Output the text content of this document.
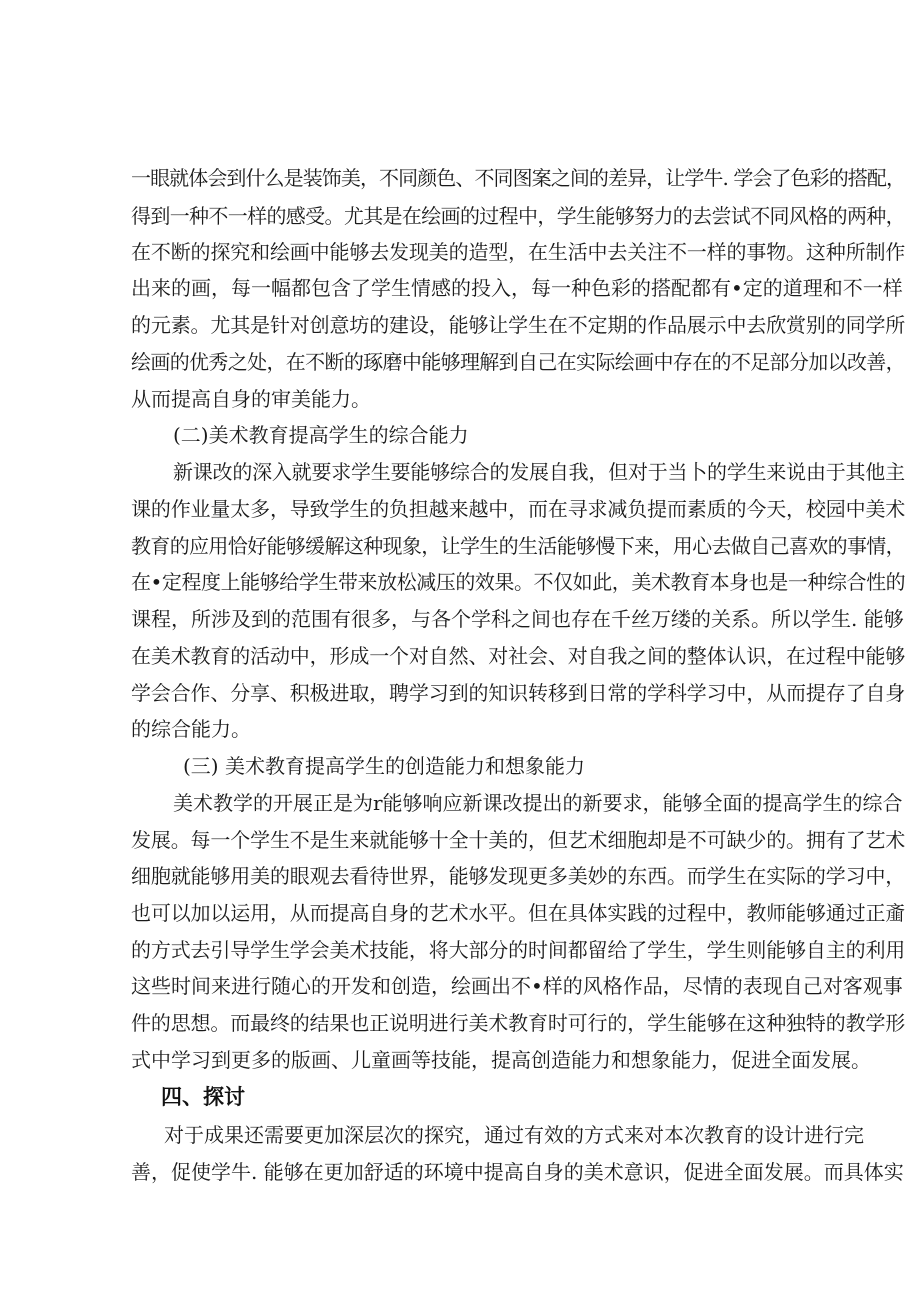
一眼就体会到什么是装饰美，不同颜色、不同图案之间的差异，让学牛. 学会了色彩的搭配，
得到一种不一样的感受。尤其是在绘画的过程中，学生能够努力的去尝试不同风格的两种，
在不断的探究和绘画中能够去发现美的造型，在生活中去关注不一样的事物。这种所制作
出来的画，每一幅都包含了学生情感的投入，每一种色彩的搭配都有•定的道理和不一样
的元素。尤其是针对创意坊的建设，能够让学生在不定期的作品展示中去欣赏别的同学所
绘画的优秀之处，在不断的琢磨中能够理解到自己在实际绘画中存在的不足部分加以改善，
从而提高自身的审美能力。
(二)美术教育提高学生的综合能力
新课改的深入就要求学生要能够综合的发展自我，但对于当卜的学生来说由于其他主
课的作业量太多，导致学生的负担越来越中，而在寻求减负提而素质的今天，校园中美术
教育的应用恰好能够缓解这种现象，让学生的生活能够慢下来，用心去做自己喜欢的事情，
在•定程度上能够给学生带来放松减压的效果。不仅如此，美术教育本身也是一种综合性的
课程，所涉及到的范围有很多，与各个学科之间也存在千丝万缕的关系。所以学生. 能够
在美术教育的活动中，形成一个对自然、对社会、对自我之间的整体认识，在过程中能够
学会合作、分享、积极进取，聘学习到的知识转移到日常的学科学习中，从而提存了自身
的综合能力。
(三) 美术教育提高学生的创造能力和想象能力
美术教学的开展正是为r能够响应新课改提出的新要求，能够全面的提高学生的综合
发展。每一个学生不是生来就能够十全十美的，但艺术细胞却是不可缺少的。拥有了艺术
细胞就能够用美的眼观去看待世界，能够发现更多美妙的东西。而学生在实际的学习中，
也可以加以运用，从而提高自身的艺术水平。但在具体实践的过程中，教师能够通过正齑
的方式去引导学生学会美术技能，将大部分的时间都留给了学生，学生则能够自主的利用
这些时间来进行随心的开发和创造，绘画出不•样的风格作品，尽情的表现自己对客观事
件的思想。而最终的结果也正说明进行美术教育时可行的，学生能够在这种独特的教学形
式中学习到更多的版画、儿童画等技能，提高创造能力和想象能力，促进全面发展。
四、探讨
对于成果还需要更加深层次的探究，通过有效的方式来对本次教育的设计进行完
善，促使学牛. 能够在更加舒适的环境中提高自身的美术意识，促进全面发展。而具体实
